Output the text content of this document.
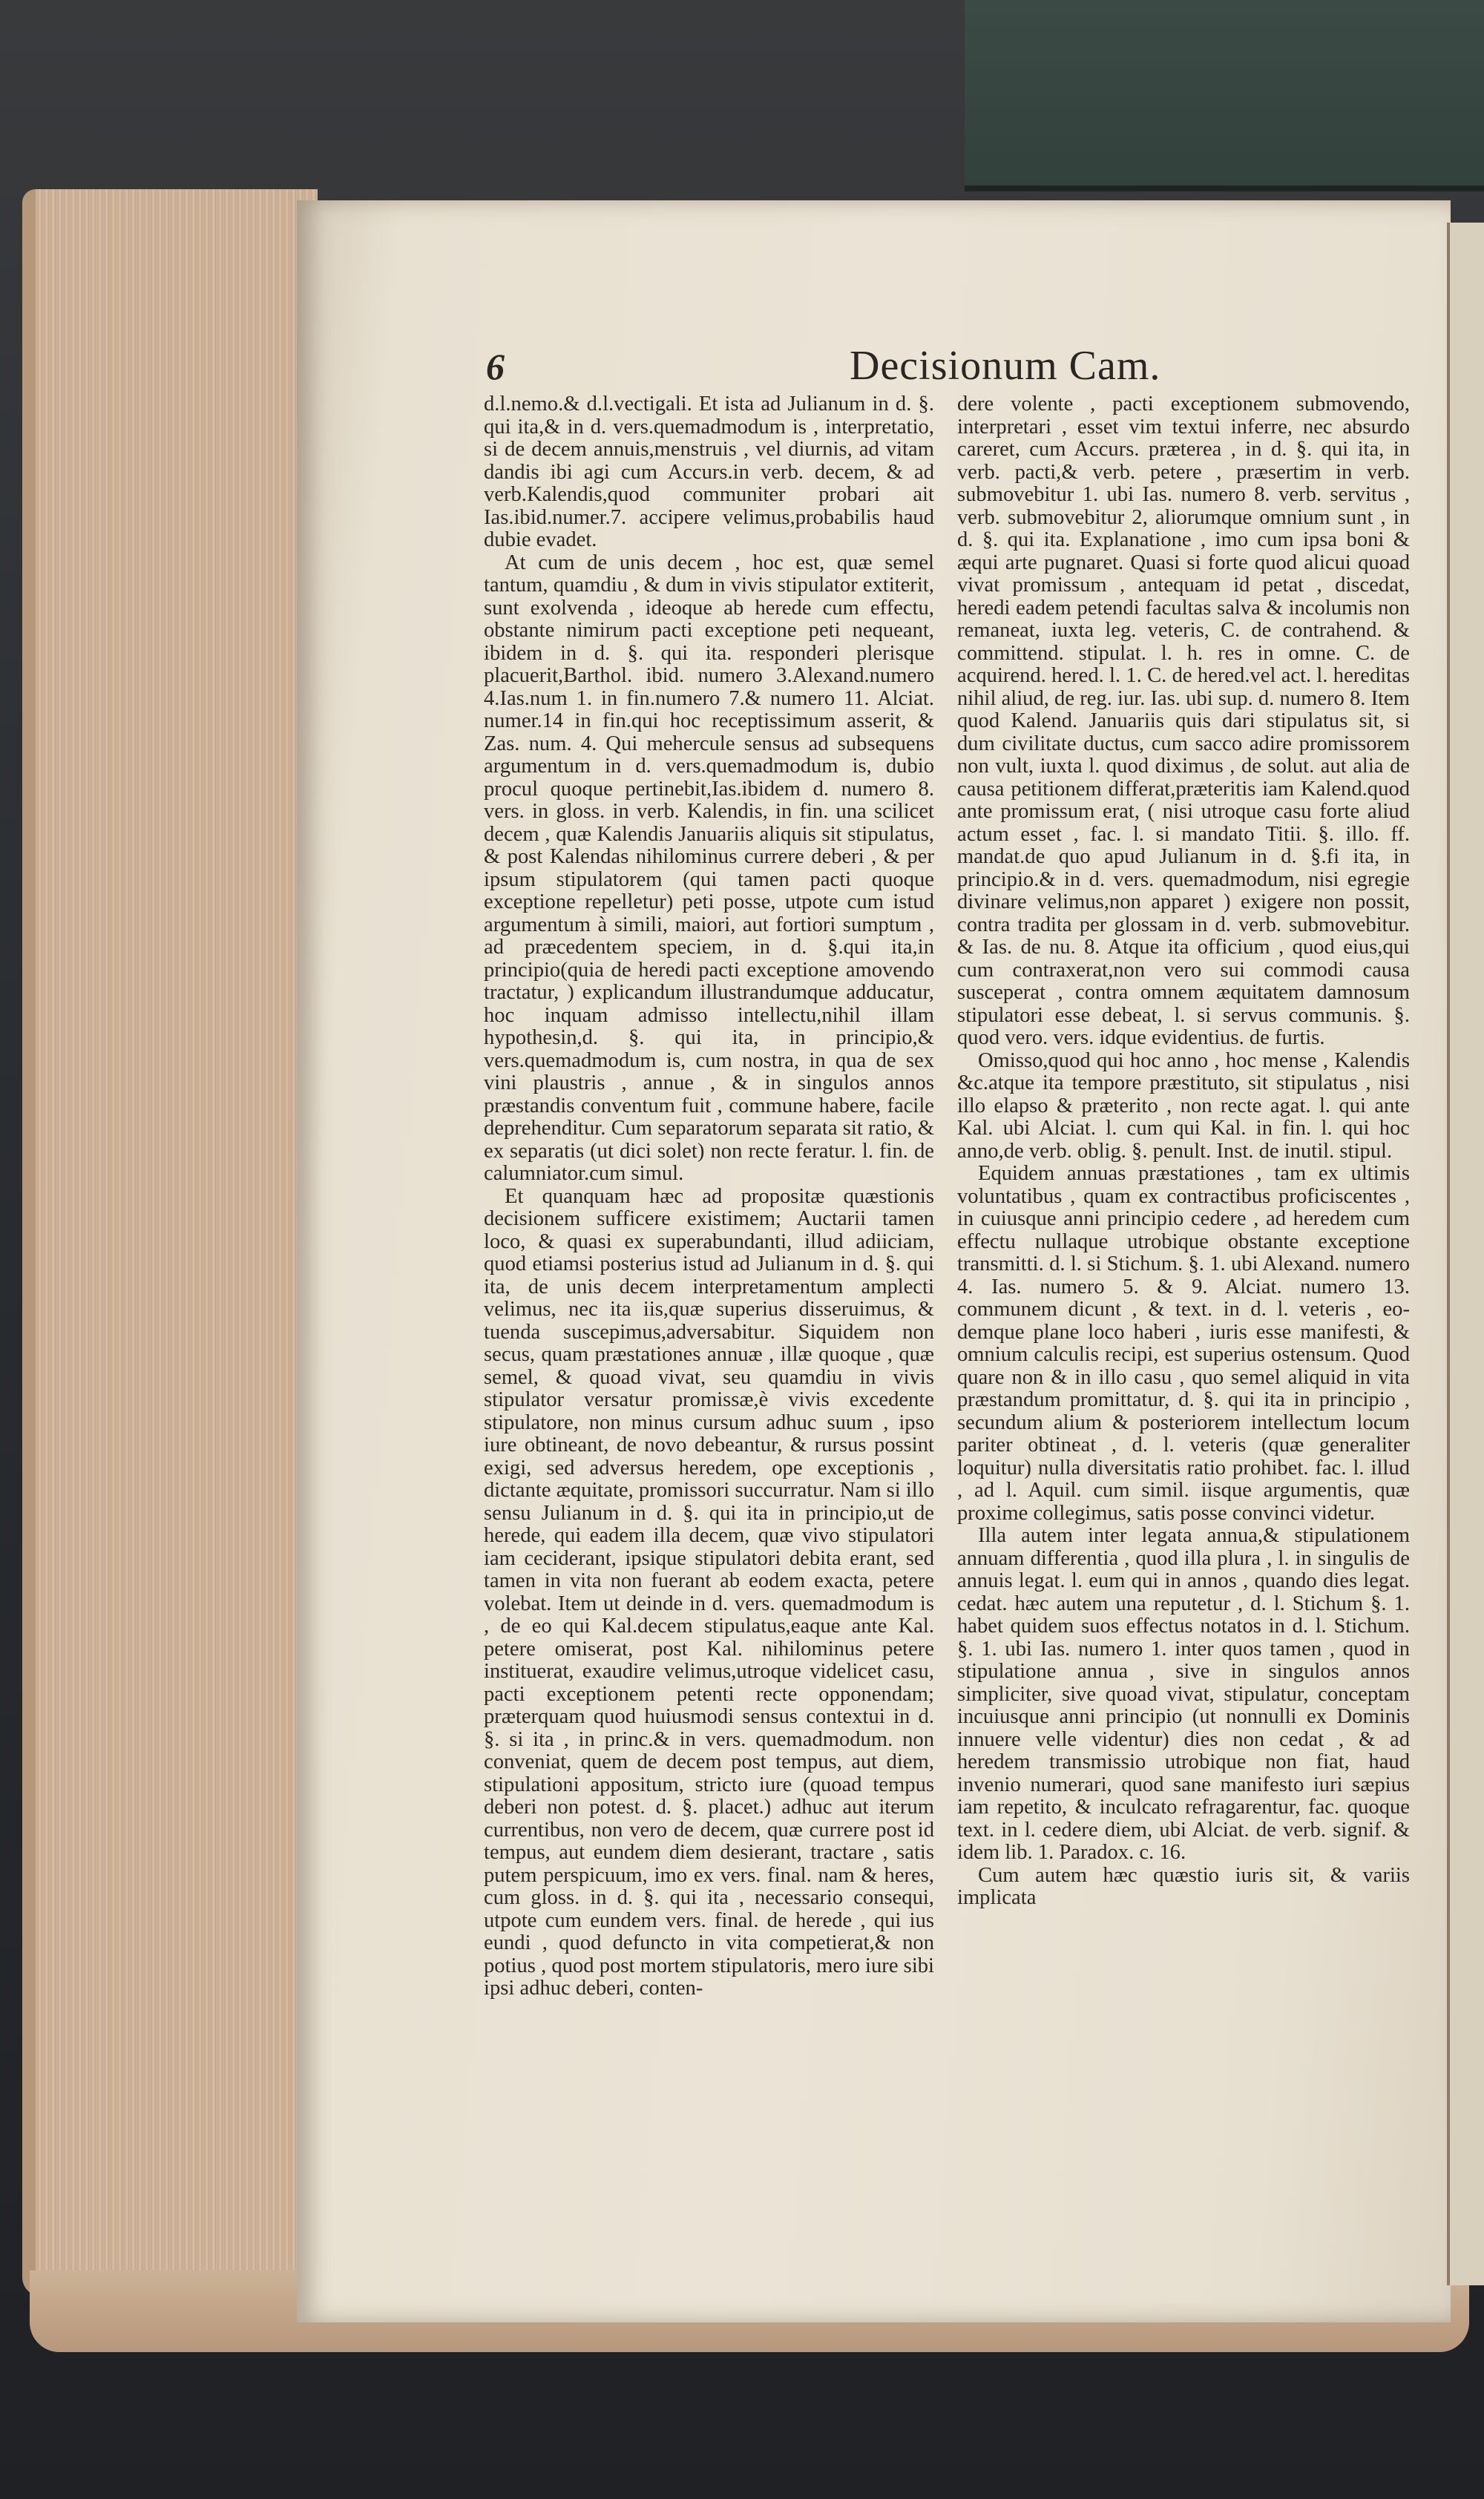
6	Decisionum Cam.

d.l.nemo.& d.l.vectigali. Et ista ad Julianum in d. §. qui ita,& in d. vers.quemadmodum is , interpretatio, si de decem annuis,menstruis , vel diurnis, ad vitam dandis ibi agi cum Accurs.in verb. decem, & ad verb.Kalendis,quod communiter probari ait Ias.ibid.numer.7. accipere velimus,probabilis haud dubie evadet.

At cum de unis decem , hoc est, quæ semel tantum, quamdiu , & dum in vivis stipulator extiterit, sunt exolvenda , ideoque ab herede cum effectu, obstante nimirum pacti exceptione peti nequeant, ibidem in d. §. qui ita. responderi plerisque placuerit,Barthol. ibid. numero 3.Alexand.numero 4.Ias.num 1. in fin.numero 7.& numero 11. Alciat. numer.14 in fin.qui hoc receptissimum asserit, & Zas. num. 4. Qui mehercule sensus ad subsequens argumentum in d. vers.quemadmodum is, dubio procul quoque pertinebit,Ias.ibidem d. numero 8. vers. in gloss. in verb. Kalendis, in fin. una scilicet decem , quæ Kalendis Januariis aliquis sit stipulatus, & post Kalendas nihilominus currere deberi , & per ipsum stipulatorem (qui tamen pacti quoque exceptione repelletur) peti posse, utpote cum istud argumentum à simili, maiori, aut fortiori sumptum , ad præcedentem speciem, in d. §.qui ita,in principio(quia de heredi pacti exceptione amovendo tractatur, ) explicandum illustrandumque adducatur, hoc inquam admisso intellectu,nihil illam hypothesin,d. §. qui ita, in principio,& vers.quemadmodum is, cum nostra, in qua de sex vini plaustris , annue , & in singulos annos præstandis conventum fuit , commune habere, facile deprehenditur. Cum separatorum separata sit ratio, & ex separatis (ut dici solet) non recte feratur. l. fin. de calumniator.cum simul.

Et quanquam hæc ad propositæ quæstionis decisionem sufficere existimem; Auctarii tamen loco, & quasi ex superabundanti, illud adiiciam, quod etiamsi posterius istud ad Julianum in d. §. qui ita, de unis decem interpretamentum amplecti velimus, nec ita iis,quæ superius disseruimus, & tuenda suscepimus,adversabitur. Siquidem non secus, quam præstationes annuæ , illæ quoque , quæ semel, & quoad vivat, seu quamdiu in vivis stipulator versatur promissæ,è vivis excedente stipulatore, non minus cursum adhuc suum , ipso iure obtineant, de novo debeantur, & rursus possint exigi, sed adversus heredem, ope exceptionis , dictante æquitate, promissori succurratur. Nam si illo sensu Julianum in d. §. qui ita in principio,ut de herede, qui eadem illa decem, quæ vivo stipulatori iam ceciderant, ipsique stipulatori debita erant, sed tamen in vita non fuerant ab eodem exacta, petere volebat. Item ut deinde in d. vers. quemadmodum is , de eo qui Kal.decem stipulatus,eaque ante Kal. petere omiserat, post Kal. nihilominus petere instituerat, exaudire velimus,utroque videlicet casu, pacti exceptionem petenti recte opponendam; præterquam quod huiusmodi sensus contextui in d. §. si ita , in princ.& in vers. quemadmodum. non conveniat, quem de decem post tempus, aut diem, stipulationi appositum, stricto iure (quoad tempus deberi non potest. d. §. placet.) adhuc aut iterum currentibus, non vero de decem, quæ currere post id tempus, aut eundem diem desierant, tractare , satis putem perspicuum, imo ex vers. final. nam & heres, cum gloss. in d. §. qui ita , necessario consequi, utpote cum eundem vers. final. de herede , qui ius eundi , quod defuncto in vita competierat,& non potius , quod post mortem stipulatoris, mero iure sibi ipsi adhuc deberi, conten-

dere volente , pacti exceptionem submovendo, interpretari , esset vim textui inferre, nec absurdo careret, cum Accurs. præterea , in d. §. qui ita, in verb. pacti,& verb. petere , præsertim in verb. submovebitur 1. ubi Ias. numero 8. verb. servitus , verb. submovebitur 2, aliorumque omnium sunt , in d. §. qui ita. Explanatione , imo cum ipsa boni & æqui arte pugnaret. Quasi si forte quod alicui quoad vivat promissum , antequam id petat , discedat, heredi eadem petendi facultas salva & incolumis non remaneat, iuxta leg. veteris, C. de contrahend. & committend. stipulat. l. h. res in omne. C. de acquirend. hered. l. 1. C. de hered.vel act. l. hereditas nihil aliud, de reg. iur. Ias. ubi sup. d. numero 8. Item quod Kalend. Januariis quis dari stipulatus sit, si dum civilitate ductus, cum sacco adire promissorem non vult, iuxta l. quod diximus , de solut. aut alia de causa petitionem differat,præteritis iam Kalend.quod ante promissum erat, ( nisi utroque casu forte aliud actum esset , fac. l. si mandato Titii. §. illo. ff. mandat.de quo apud Julianum in d. §.fi ita, in principio.& in d. vers. quemadmodum, nisi egregie divinare velimus,non apparet ) exigere non possit, contra tradita per glossam in d. verb. submovebitur. & Ias. de nu. 8. Atque ita officium , quod eius,qui cum contraxerat,non vero sui commodi causa susceperat , contra omnem æquitatem damnosum stipulatori esse debeat, l. si servus communis. §. quod vero. vers. idque evidentius. de furtis.

Omisso,quod qui hoc anno , hoc mense , Kalendis &c.atque ita tempore præstituto, sit stipulatus , nisi illo elapso & præterito , non recte agat. l. qui ante Kal. ubi Alciat. l. cum qui Kal. in fin. l. qui hoc anno,de verb. oblig. §. penult. Inst. de inutil. stipul.

Equidem annuas præstationes , tam ex ultimis voluntatibus , quam ex contractibus proficiscentes , in cuiusque anni principio cedere , ad heredem cum effectu nullaque utrobique obstante exceptione transmitti. d. l. si Stichum. §. 1. ubi Alexand. numero 4. Ias. numero 5. & 9. Alciat. numero 13. communem dicunt , & text. in d. l. veteris , eodemque plane loco haberi , iuris esse manifesti, & omnium calculis recipi, est superius ostensum. Quod quare non & in illo casu , quo semel aliquid in vita præstandum promittatur, d. §. qui ita in principio , secundum alium & posteriorem intellectum locum pariter obtineat , d. l. veteris (quæ generaliter loquitur) nulla diversitatis ratio prohibet. fac. l. illud , ad l. Aquil. cum simil. iisque argumentis, quæ proxime collegimus, satis posse convinci videtur.

Illa autem inter legata annua,& stipulationem annuam differentia , quod illa plura , l. in singulis de annuis legat. l. eum qui in annos , quando dies legat. cedat. hæc autem una reputetur , d. l. Stichum §. 1. habet quidem suos effectus notatos in d. l. Stichum. §. 1. ubi Ias. numero 1. inter quos tamen , quod in stipulatione annua , sive in singulos annos simpliciter, sive quoad vivat, stipulatur, conceptam incuiusque anni principio (ut nonnulli ex Dominis innuere velle videntur) dies non cedat , & ad heredem transmissio utrobique non fiat, haud invenio numerari, quod sane manifesto iuri sæpius iam repetito, & inculcato refragarentur, fac. quoque text. in l. cedere diem, ubi Alciat. de verb. signif. & idem lib. 1. Paradox. c. 16.

Cum autem hæc quæstio iuris sit, & variis implicata
